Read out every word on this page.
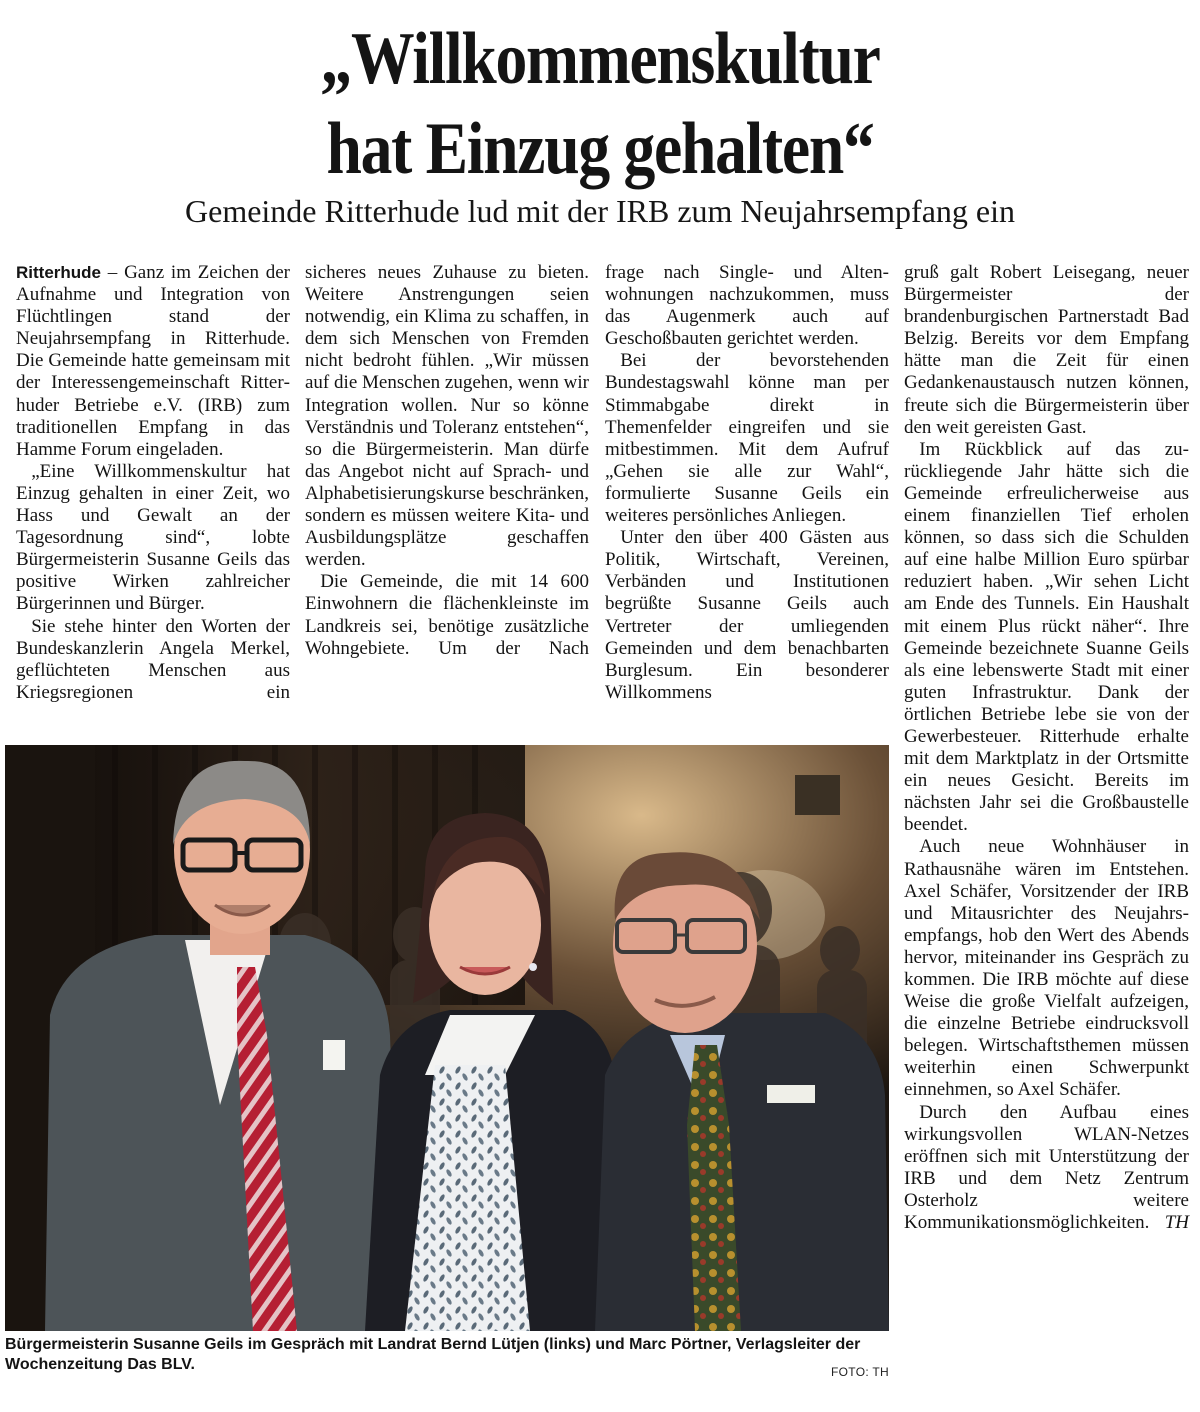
„Willkommenskultur
hat Einzug gehalten“
Gemeinde Ritterhude lud mit der IRB zum Neujahrsempfang ein

Ritterhude – Ganz im Zeichen der Aufnahme und Integration von Flüchtlingen stand der Neujahrsempfang in Ritterhude. Die Gemeinde hatte gemeinsam mit der Interessengemeinschaft Ritterhuder Betriebe e.V. (IRB) zum traditionellen Empfang in das Hamme Forum eingeladen.

„Eine Willkommenskultur hat Einzug gehalten in einer Zeit, wo Hass und Gewalt an der Tagesordnung sind“, lobte Bürgermeisterin Susanne Geils das positive Wirken zahlreicher Bürgerinnen und Bürger.

Sie stehe hinter den Worten der Bundeskanzlerin Angela Merkel, geflüchteten Menschen aus Kriegsregionen ein

sicheres neues Zuhause zu bieten. Weitere Anstrengungen seien notwendig, ein Klima zu schaffen, in dem sich Menschen von Fremden nicht bedroht fühlen. „Wir müssen auf die Menschen zugehen, wenn wir Integration wollen. Nur so könne Verständnis und Toleranz entstehen“, so die Bürgermeisterin. Man dürfe das Angebot nicht auf Sprach- und Alphabetisierungskurse beschränken, sondern es müssen weitere Kita- und Ausbildungsplätze geschaffen werden.

Die Gemeinde, die mit 14 600 Einwohnern die flächenkleinste im Landkreis sei, benötige zusätzliche Wohngebiete. Um der Nach

frage nach Single- und Altenwohnungen nachzukommen, muss das Augenmerk auch auf Geschoßbauten gerichtet werden.

Bei der bevorstehenden Bundestagswahl könne man per Stimmabgabe direkt in Themenfelder eingreifen und sie mitbestimmen. Mit dem Aufruf „Gehen sie alle zur Wahl“, formulierte Susanne Geils ein weiteres persönliches Anliegen.

Unter den über 400 Gästen aus Politik, Wirtschaft, Vereinen, Verbänden und Institutionen begrüßte Susanne Geils auch Vertreter der umliegenden Gemeinden und dem benachbarten Burglesum. Ein besonderer Willkommens

gruß galt Robert Leisegang, neuer Bürgermeister der brandenburgischen Partnerstadt Bad Belzig. Bereits vor dem Empfang hätte man die Zeit für einen Gedankenaustausch nutzen können, freute sich die Bürgermeisterin über den weit gereisten Gast.

Im Rückblick auf das zurückliegende Jahr hätte sich die Gemeinde erfreulicherweise aus einem finanziellen Tief erholen können, so dass sich die Schulden auf eine halbe Million Euro spürbar reduziert haben. „Wir sehen Licht am Ende des Tunnels. Ein Haushalt mit einem Plus rückt näher“. Ihre Gemeinde bezeichnete Suanne Geils als eine lebenswerte Stadt mit einer guten Infrastruktur. Dank der örtlichen Betriebe lebe sie von der Gewerbesteuer. Ritterhude erhalte mit dem Marktplatz in der Ortsmitte ein neues Gesicht. Bereits im nächsten Jahr sei die Großbaustelle beendet.

Auch neue Wohnhäuser in Rathausnähe wären im Entstehen. Axel Schäfer, Vorsitzender der IRB und Mitausrichter des Neujahrsempfangs, hob den Wert des Abends hervor, miteinander ins Gespräch zu kommen. Die IRB möchte auf diese Weise die große Vielfalt aufzeigen, die einzelne Betriebe eindrucksvoll belegen. Wirtschaftsthemen müssen weiterhin einen Schwerpunkt einnehmen, so Axel Schäfer.

Durch den Aufbau eines wirkungsvollen WLAN-Netzes eröffnen sich mit Unterstützung der IRB und dem Netz Zentrum Osterholz weitere Kommunikationsmöglichkeiten. TH

Bürgermeisterin Susanne Geils im Gespräch mit Landrat Bernd Lütjen (links) und Marc Pörtner, Verlagsleiter der Wochenzeitung Das BLV.	FOTO: TH
